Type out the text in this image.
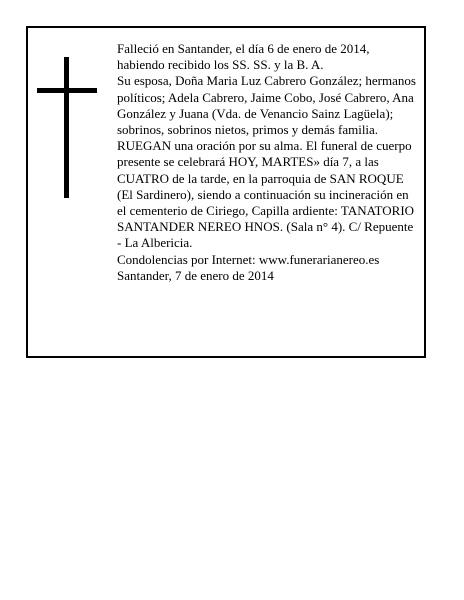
Falleció en Santander, el día 6 de enero de 2014, habiendo recibido los SS. SS. y la B. A.

Su esposa, Doña Maria Luz Cabrero González; hermanos políticos; Adela Cabrero, Jaime Cobo, José Cabrero, Ana González y Juana (Vda. de Venancio Sainz Lagüela); sobrinos, sobrinos nietos, primos y demás familia.

RUEGAN una oración por su alma. El funeral de cuerpo presente se celebrará HOY, MARTES» día 7, a las CUATRO de la tarde, en la parroquia de SAN ROQUE (El Sardinero), siendo a continuación su incineración en el cementerio de Ciriego, Capilla ardiente: TANATORIO SANTANDER NEREO HNOS. (Sala n° 4). C/ Repuente - La Albericia.

Condolencias por Internet: www.funerarianereo.es

Santander, 7 de enero de 2014
